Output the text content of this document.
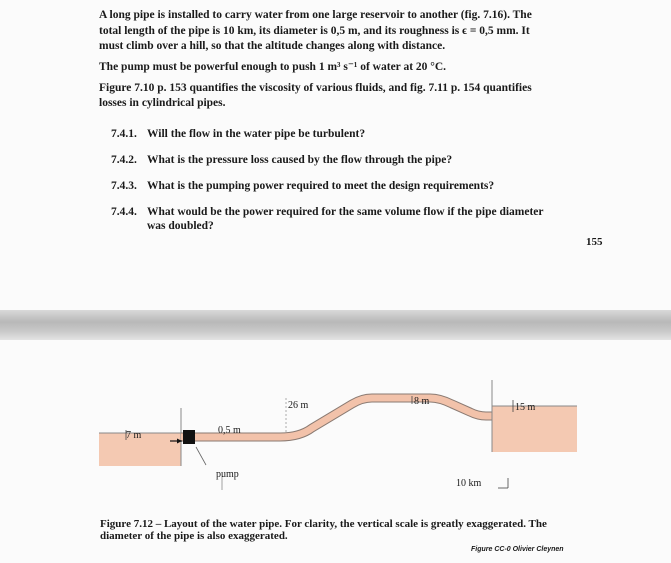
A long pipe is installed to carry water from one large reservoir to another (fig. 7.16). The

total length of the pipe is 10 km, its diameter is 0,5 m, and its roughness is ϵ = 0,5 mm. It

must climb over a hill, so that the altitude changes along with distance.

The pump must be powerful enough to push 1 m³ s⁻¹ of water at 20 °C.

Figure 7.10 p. 153 quantifies the viscosity of various fluids, and fig. 7.11 p. 154 quantifies

losses in cylindrical pipes.

7.4.1. Will the flow in the water pipe be turbulent?
7.4.2. What is the pressure loss caused by the flow through the pipe?
7.4.3. What is the pumping power required to meet the design requirements?
7.4.4. What would be the power required for the same volume flow if the pipe diameter
was doubled?
155
7 m	0,5 m
26 m	8 m
15 m
pump
10 km
Figure 7.12 – Layout of the water pipe. For clarity, the vertical scale is greatly exaggerated. The
diameter of the pipe is also exaggerated.
Figure CC-0 Olivier Cleynen
